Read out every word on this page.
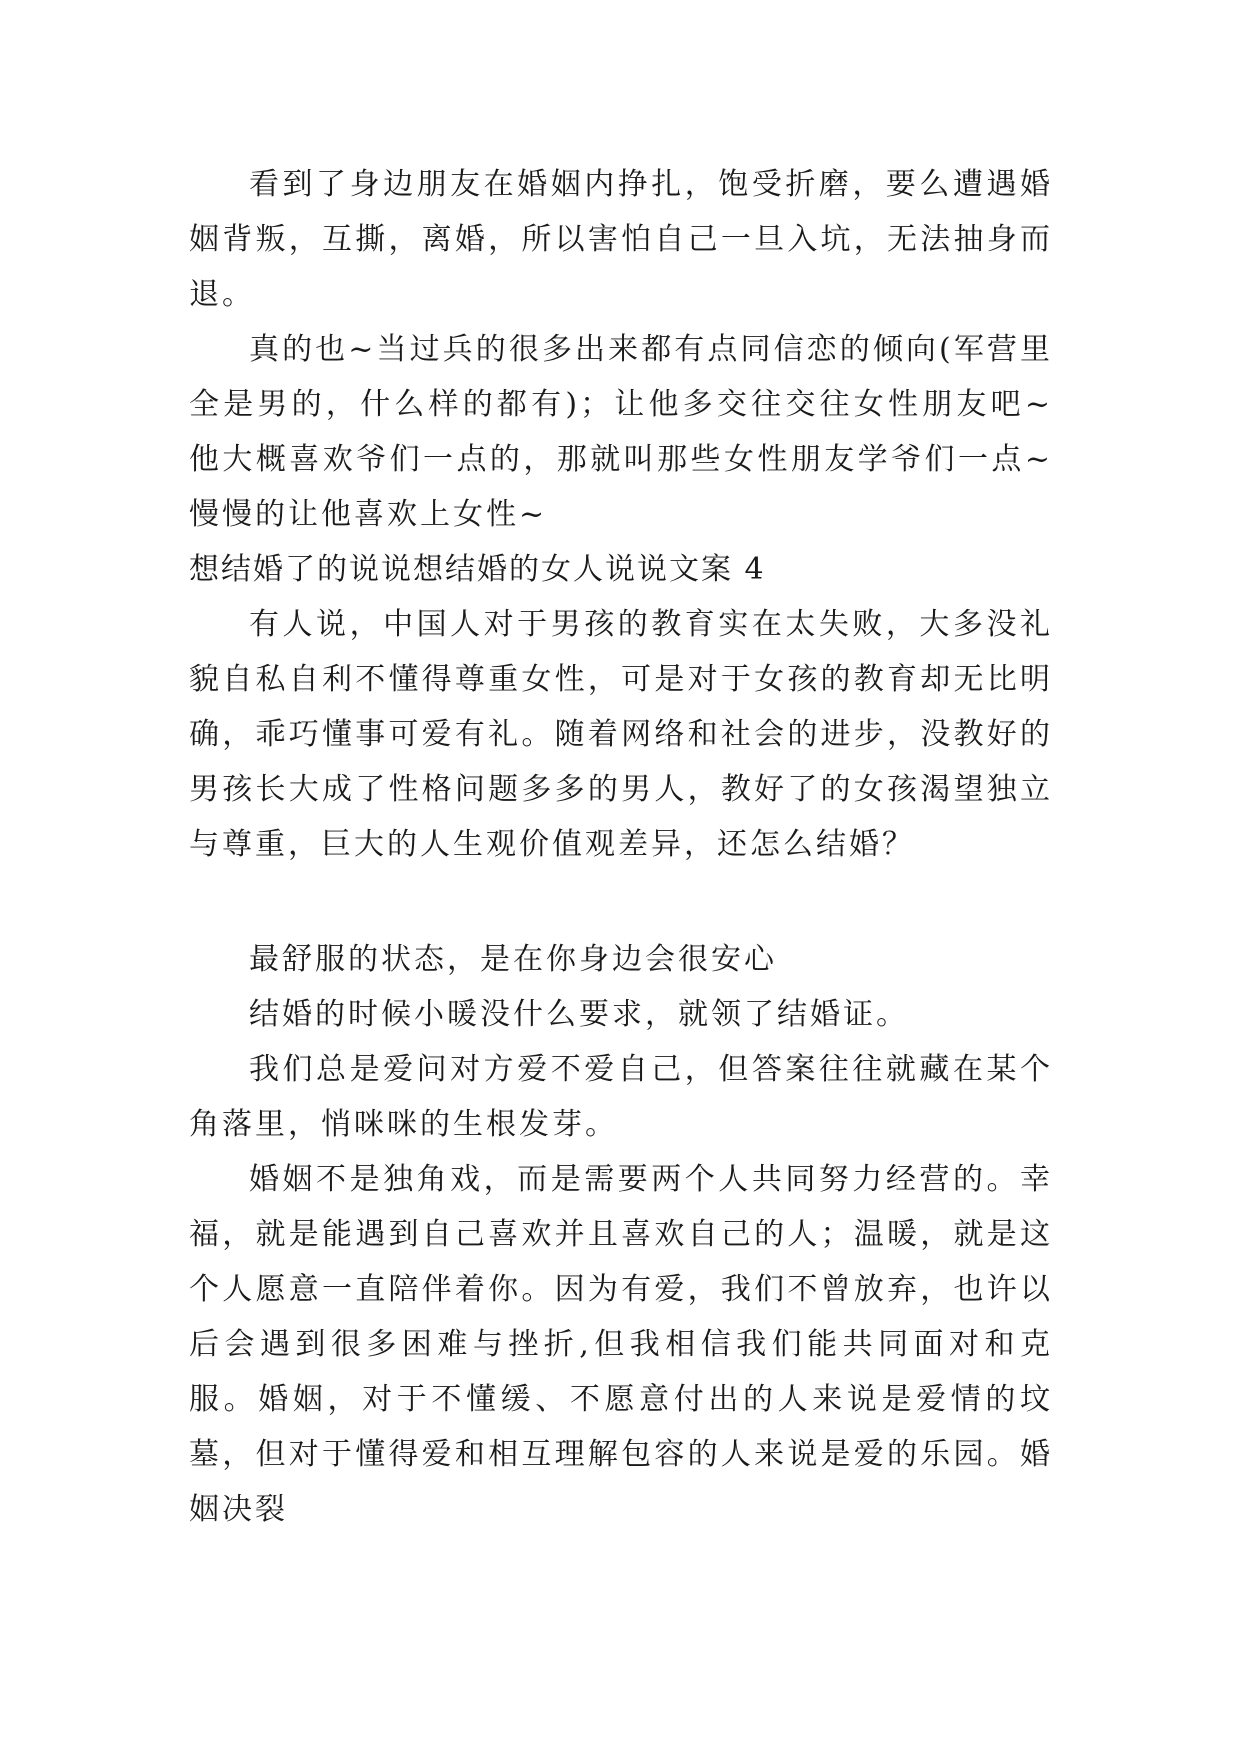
看到了身边朋友在婚姻内挣扎，饱受折磨，要么遭遇婚姻背叛，互撕，离婚，所以害怕自己一旦入坑，无法抽身而退。

真的也~当过兵的很多出来都有点同信恋的倾向(军营里全是男的，什么样的都有)；让他多交往交往女性朋友吧~他大概喜欢爷们一点的，那就叫那些女性朋友学爷们一点~慢慢的让他喜欢上女性~

想结婚了的说说想结婚的女人说说文案 4

有人说，中国人对于男孩的教育实在太失败，大多没礼貌自私自利不懂得尊重女性，可是对于女孩的教育却无比明确，乖巧懂事可爱有礼。随着网络和社会的进步，没教好的男孩长大成了性格问题多多的男人，教好了的女孩渴望独立与尊重，巨大的人生观价值观差异，还怎么结婚？

最舒服的状态，是在你身边会很安心

结婚的时候小暖没什么要求，就领了结婚证。

我们总是爱问对方爱不爱自己，但答案往往就藏在某个角落里，悄咪咪的生根发芽。

婚姻不是独角戏，而是需要两个人共同努力经营的。幸福，就是能遇到自己喜欢并且喜欢自己的人；温暖，就是这个人愿意一直陪伴着你。因为有爱，我们不曾放弃，也许以后会遇到很多困难与挫折,但我相信我们能共同面对和克服。婚姻，对于不懂缓、不愿意付出的人来说是爱情的坟墓，但对于懂得爱和相互理解包容的人来说是爱的乐园。婚姻决裂
